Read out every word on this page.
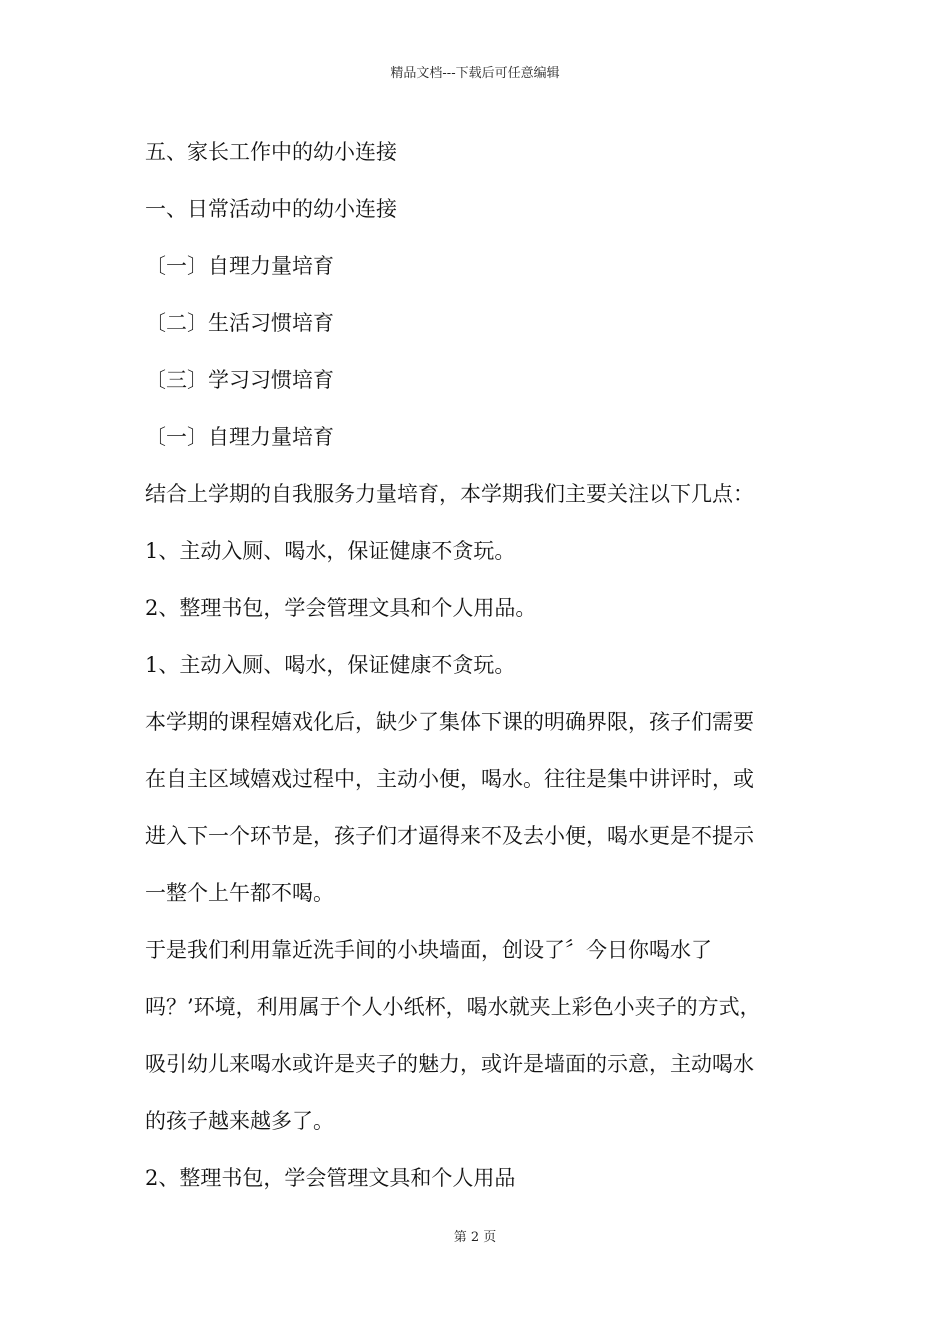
精品文档---下载后可任意编辑
五、家长工作中的幼小连接
一、日常活动中的幼小连接
〔一〕自理力量培育
〔二〕生活习惯培育
〔三〕学习习惯培育
〔一〕自理力量培育
结合上学期的自我服务力量培育，本学期我们主要关注以下几点：
1、主动入厕、喝水，保证健康不贪玩。
2、整理书包，学会管理文具和个人用品。
1、主动入厕、喝水，保证健康不贪玩。
本学期的课程嬉戏化后，缺少了集体下课的明确界限，孩子们需要
在自主区域嬉戏过程中，主动小便，喝水。往往是集中讲评时，或
进入下一个环节是，孩子们才逼得来不及去小便，喝水更是不提示
一整个上午都不喝。
于是我们利用靠近洗手间的小块墙面，创设了〞今日你喝水了
吗？’环境，利用属于个人小纸杯，喝水就夹上彩色小夹子的方式，
吸引幼儿来喝水或许是夹子的魅力，或许是墙面的示意，主动喝水
的孩子越来越多了。
2、整理书包，学会管理文具和个人用品
第 2 页
